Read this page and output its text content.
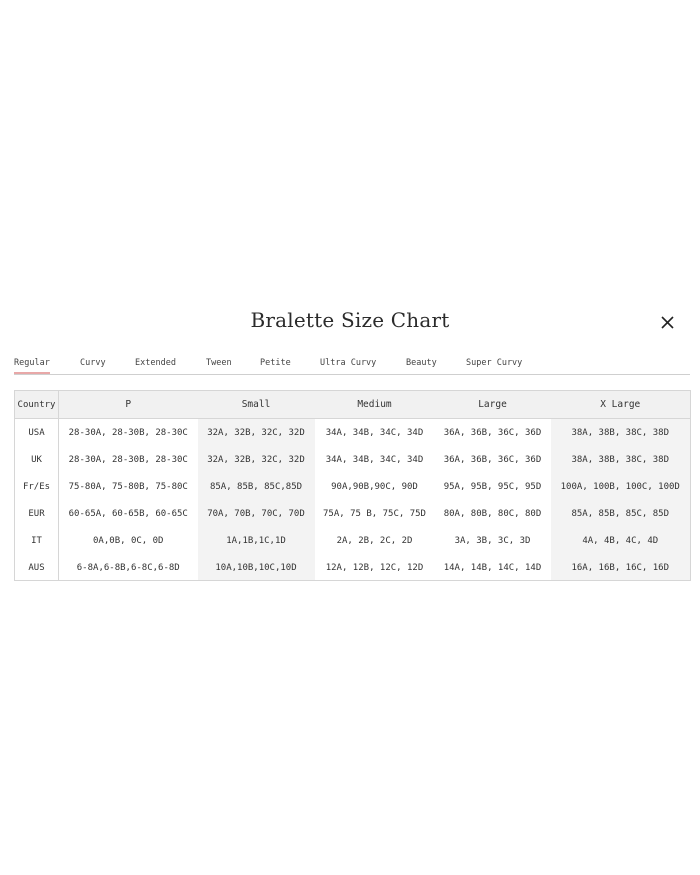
Bralette Size Chart
Regular	Curvy	Extended	Tween	Petite	Ultra Curvy	Beauty	Super Curvy
Country	P	Small	Medium	Large	X Large
USA	28-30A, 28-30B, 28-30C	32A, 32B, 32C, 32D	34A, 34B, 34C, 34D	36A, 36B, 36C, 36D	38A, 38B, 38C, 38D
UK	28-30A, 28-30B, 28-30C	32A, 32B, 32C, 32D	34A, 34B, 34C, 34D	36A, 36B, 36C, 36D	38A, 38B, 38C, 38D
Fr/Es	75-80A, 75-80B, 75-80C	85A, 85B, 85C,85D	90A,90B,90C, 90D	95A, 95B, 95C, 95D	100A, 100B, 100C, 100D
EUR	60-65A, 60-65B, 60-65C	70A, 70B, 70C, 70D	75A, 75 B, 75C, 75D	80A, 80B, 80C, 80D	85A, 85B, 85C, 85D
IT	0A,0B, 0C, 0D	1A,1B,1C,1D	2A, 2B, 2C, 2D	3A, 3B, 3C, 3D	4A, 4B, 4C, 4D
AUS	6-8A,6-8B,6-8C,6-8D	10A,10B,10C,10D	12A, 12B, 12C, 12D	14A, 14B, 14C, 14D	16A, 16B, 16C, 16D
